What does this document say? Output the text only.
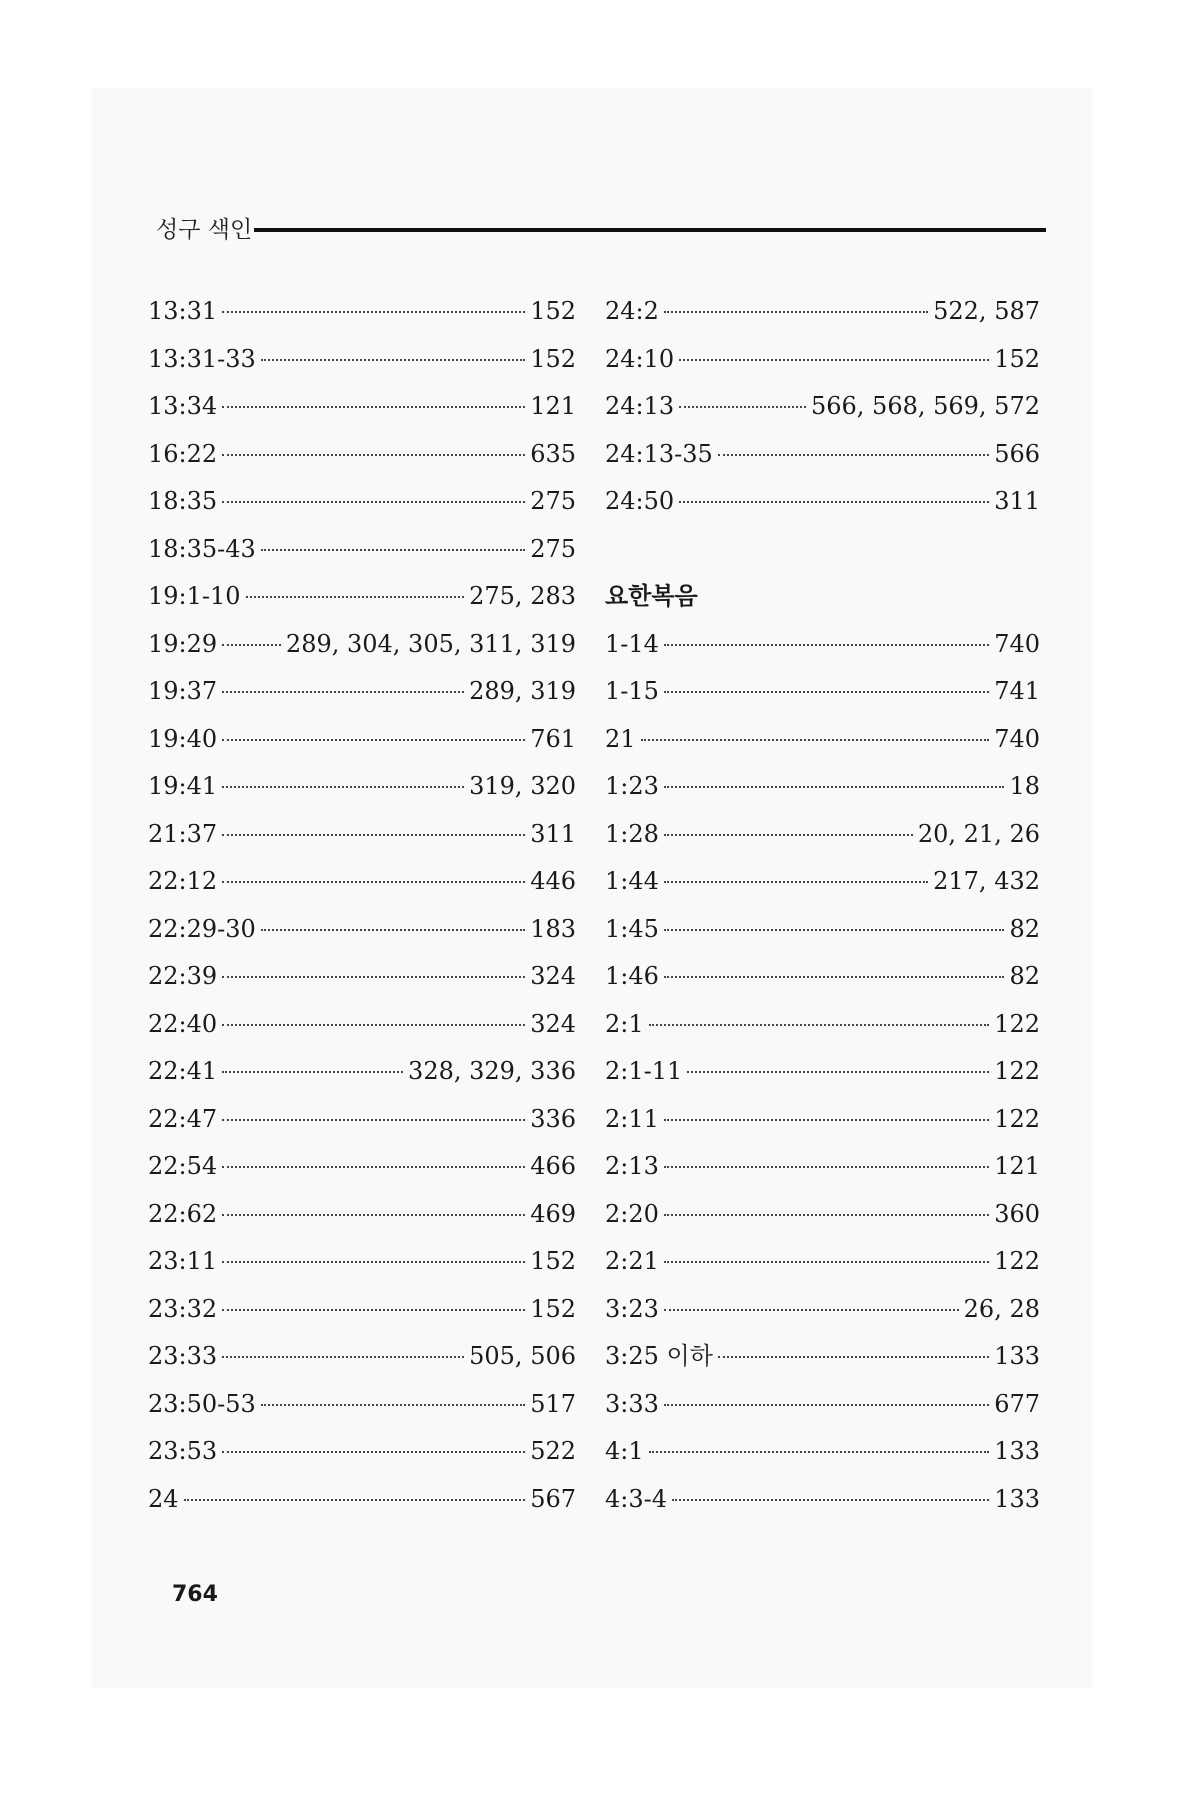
성구 색인
13:31	152
13:31-33	152
13:34	121
16:22	635
18:35	275
18:35-43	275
19:1-10	275, 283
19:29	289, 304, 305, 311, 319
19:37	289, 319
19:40	761
19:41	319, 320
21:37	311
22:12	446
22:29-30	183
22:39	324
22:40	324
22:41	328, 329, 336
22:47	336
22:54	466
22:62	469
23:11	152
23:32	152
23:33	505, 506
23:50-53	517
23:53	522
24	567
24:2	522, 587
24:10	152
24:13	566, 568, 569, 572
24:13-35	566
24:50	311
요한복음
1-14	740
1-15	741
21	740
1:23	18
1:28	20, 21, 26
1:44	217, 432
1:45	82
1:46	82
2:1	122
2:1-11	122
2:11	122
2:13	121
2:20	360
2:21	122
3:23	26, 28
3:25 이하	133
3:33	677
4:1	133
4:3-4	133
764
